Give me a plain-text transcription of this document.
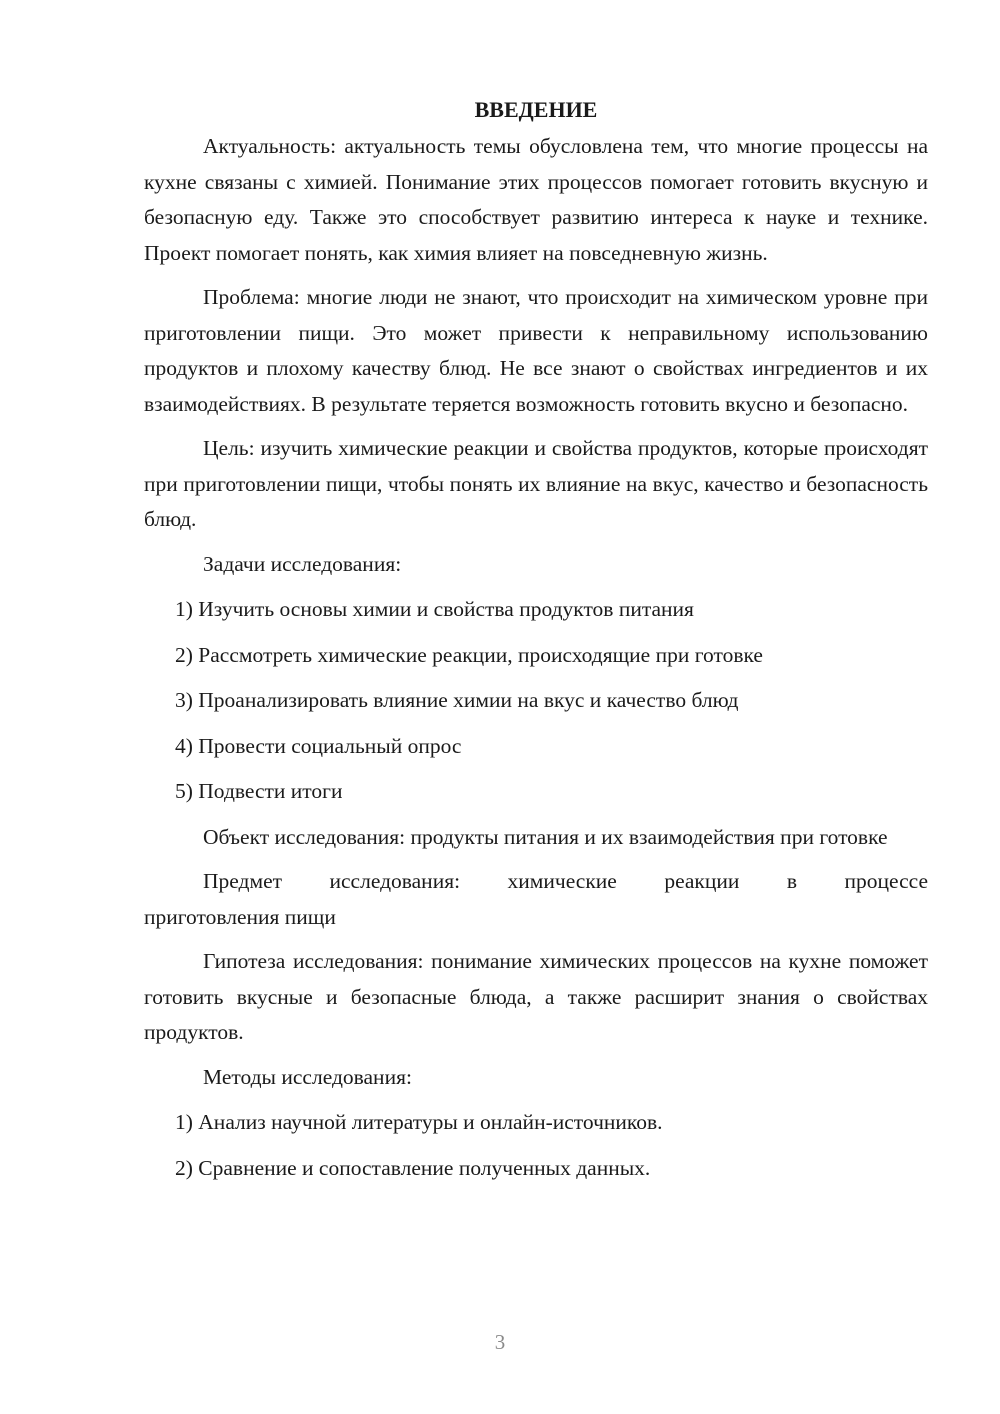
ВВЕДЕНИЕ

Актуальность: актуальность темы обусловлена тем, что многие процессы на кухне связаны с химией. Понимание этих процессов помогает готовить вкусную и безопасную еду. Также это способствует развитию интереса к науке и технике. Проект помогает понять, как химия влияет на повседневную жизнь.

Проблема: многие люди не знают, что происходит на химическом уровне при приготовлении пищи. Это может привести к неправильному использованию продуктов и плохому качеству блюд. Не все знают о свойствах ингредиентов и их взаимодействиях. В результате теряется возможность готовить вкусно и безопасно.

Цель: изучить химические реакции и свойства продуктов, которые происходят при приготовлении пищи, чтобы понять их влияние на вкус, качество и безопасность блюд.

Задачи исследования:

1) Изучить основы химии и свойства продуктов питания

2) Рассмотреть химические реакции, происходящие при готовке

3) Проанализировать влияние химии на вкус и качество блюд

4) Провести социальный опрос

5) Подвести итоги

Объект исследования: продукты питания и их взаимодействия при готовке

Предмет исследования: химические реакции в процессе

приготовления пищи

Гипотеза исследования: понимание химических процессов на кухне поможет готовить вкусные и безопасные блюда, а также расширит знания о свойствах продуктов.

Методы исследования:

1) Анализ научной литературы и онлайн-источников.

2) Сравнение и сопоставление полученных данных.

3
